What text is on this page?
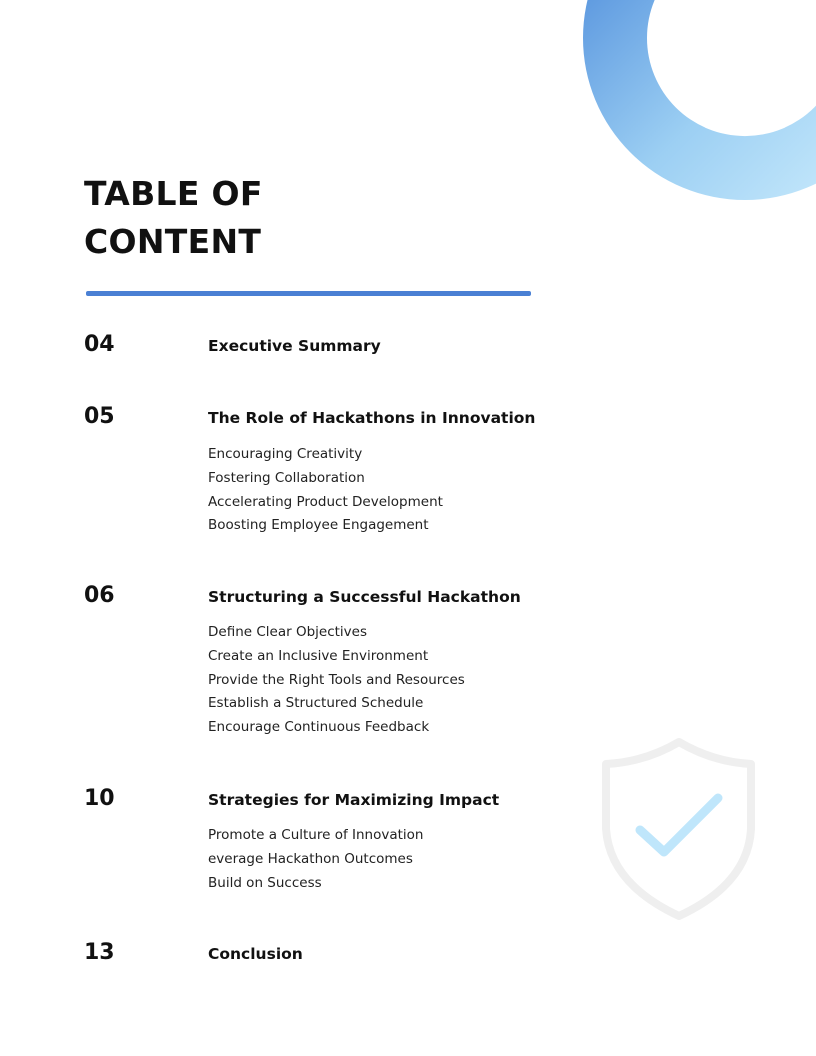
TABLE OF
CONTENT
04	Executive Summary
05	The Role of Hackathons in Innovation
Encouraging Creativity
Fostering Collaboration
Accelerating Product Development
Boosting Employee Engagement
06	Structuring a Successful Hackathon
Define Clear Objectives
Create an Inclusive Environment
Provide the Right Tools and Resources
Establish a Structured Schedule
Encourage Continuous Feedback
10	Strategies for Maximizing Impact
Promote a Culture of Innovation
everage Hackathon Outcomes
Build on Success
13	Conclusion
